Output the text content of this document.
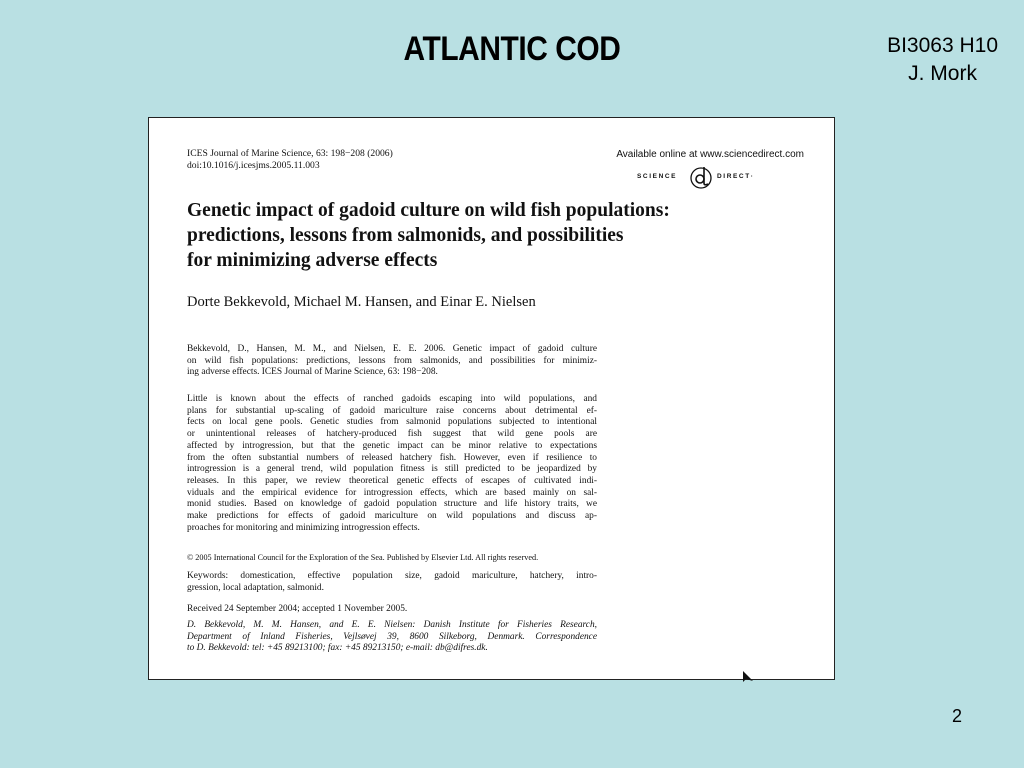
ATLANTIC COD	BI3063 H10
J. Mork
ICES Journal of Marine Science, 63: 198−208 (2006)
doi:10.1016/j.icesjms.2005.11.003
Available online at www.sciencedirect.com
SCIENCE	DIRECT·
Genetic impact of gadoid culture on wild fish populations:
predictions, lessons from salmonids, and possibilities
for minimizing adverse effects
Dorte Bekkevold, Michael M. Hansen, and Einar E. Nielsen
Bekkevold, D., Hansen, M. M., and Nielsen, E. E. 2006. Genetic impact of gadoid culture
on wild fish populations: predictions, lessons from salmonids, and possibilities for minimiz-
ing adverse effects. ICES Journal of Marine Science, 63: 198−208.
Little is known about the effects of ranched gadoids escaping into wild populations, and
plans for substantial up-scaling of gadoid mariculture raise concerns about detrimental ef-
fects on local gene pools. Genetic studies from salmonid populations subjected to intentional
or unintentional releases of hatchery-produced fish suggest that wild gene pools are
affected by introgression, but that the genetic impact can be minor relative to expectations
from the often substantial numbers of released hatchery fish. However, even if resilience to
introgression is a general trend, wild population fitness is still predicted to be jeopardized by
releases. In this paper, we review theoretical genetic effects of escapes of cultivated indi-
viduals and the empirical evidence for introgression effects, which are based mainly on sal-
monid studies. Based on knowledge of gadoid population structure and life history traits, we
make predictions for effects of gadoid mariculture on wild populations and discuss ap-
proaches for monitoring and minimizing introgression effects.
© 2005 International Council for the Exploration of the Sea. Published by Elsevier Ltd. All rights reserved.
Keywords: domestication, effective population size, gadoid mariculture, hatchery, intro-
gression, local adaptation, salmonid.
Received 24 September 2004; accepted 1 November 2005.
D. Bekkevold, M. M. Hansen, and E. E. Nielsen: Danish Institute for Fisheries Research,
Department of Inland Fisheries, Vejlsøvej 39, 8600 Silkeborg, Denmark. Correspondence
to D. Bekkevold: tel: +45 89213100; fax: +45 89213150; e-mail: db@difres.dk.
2
